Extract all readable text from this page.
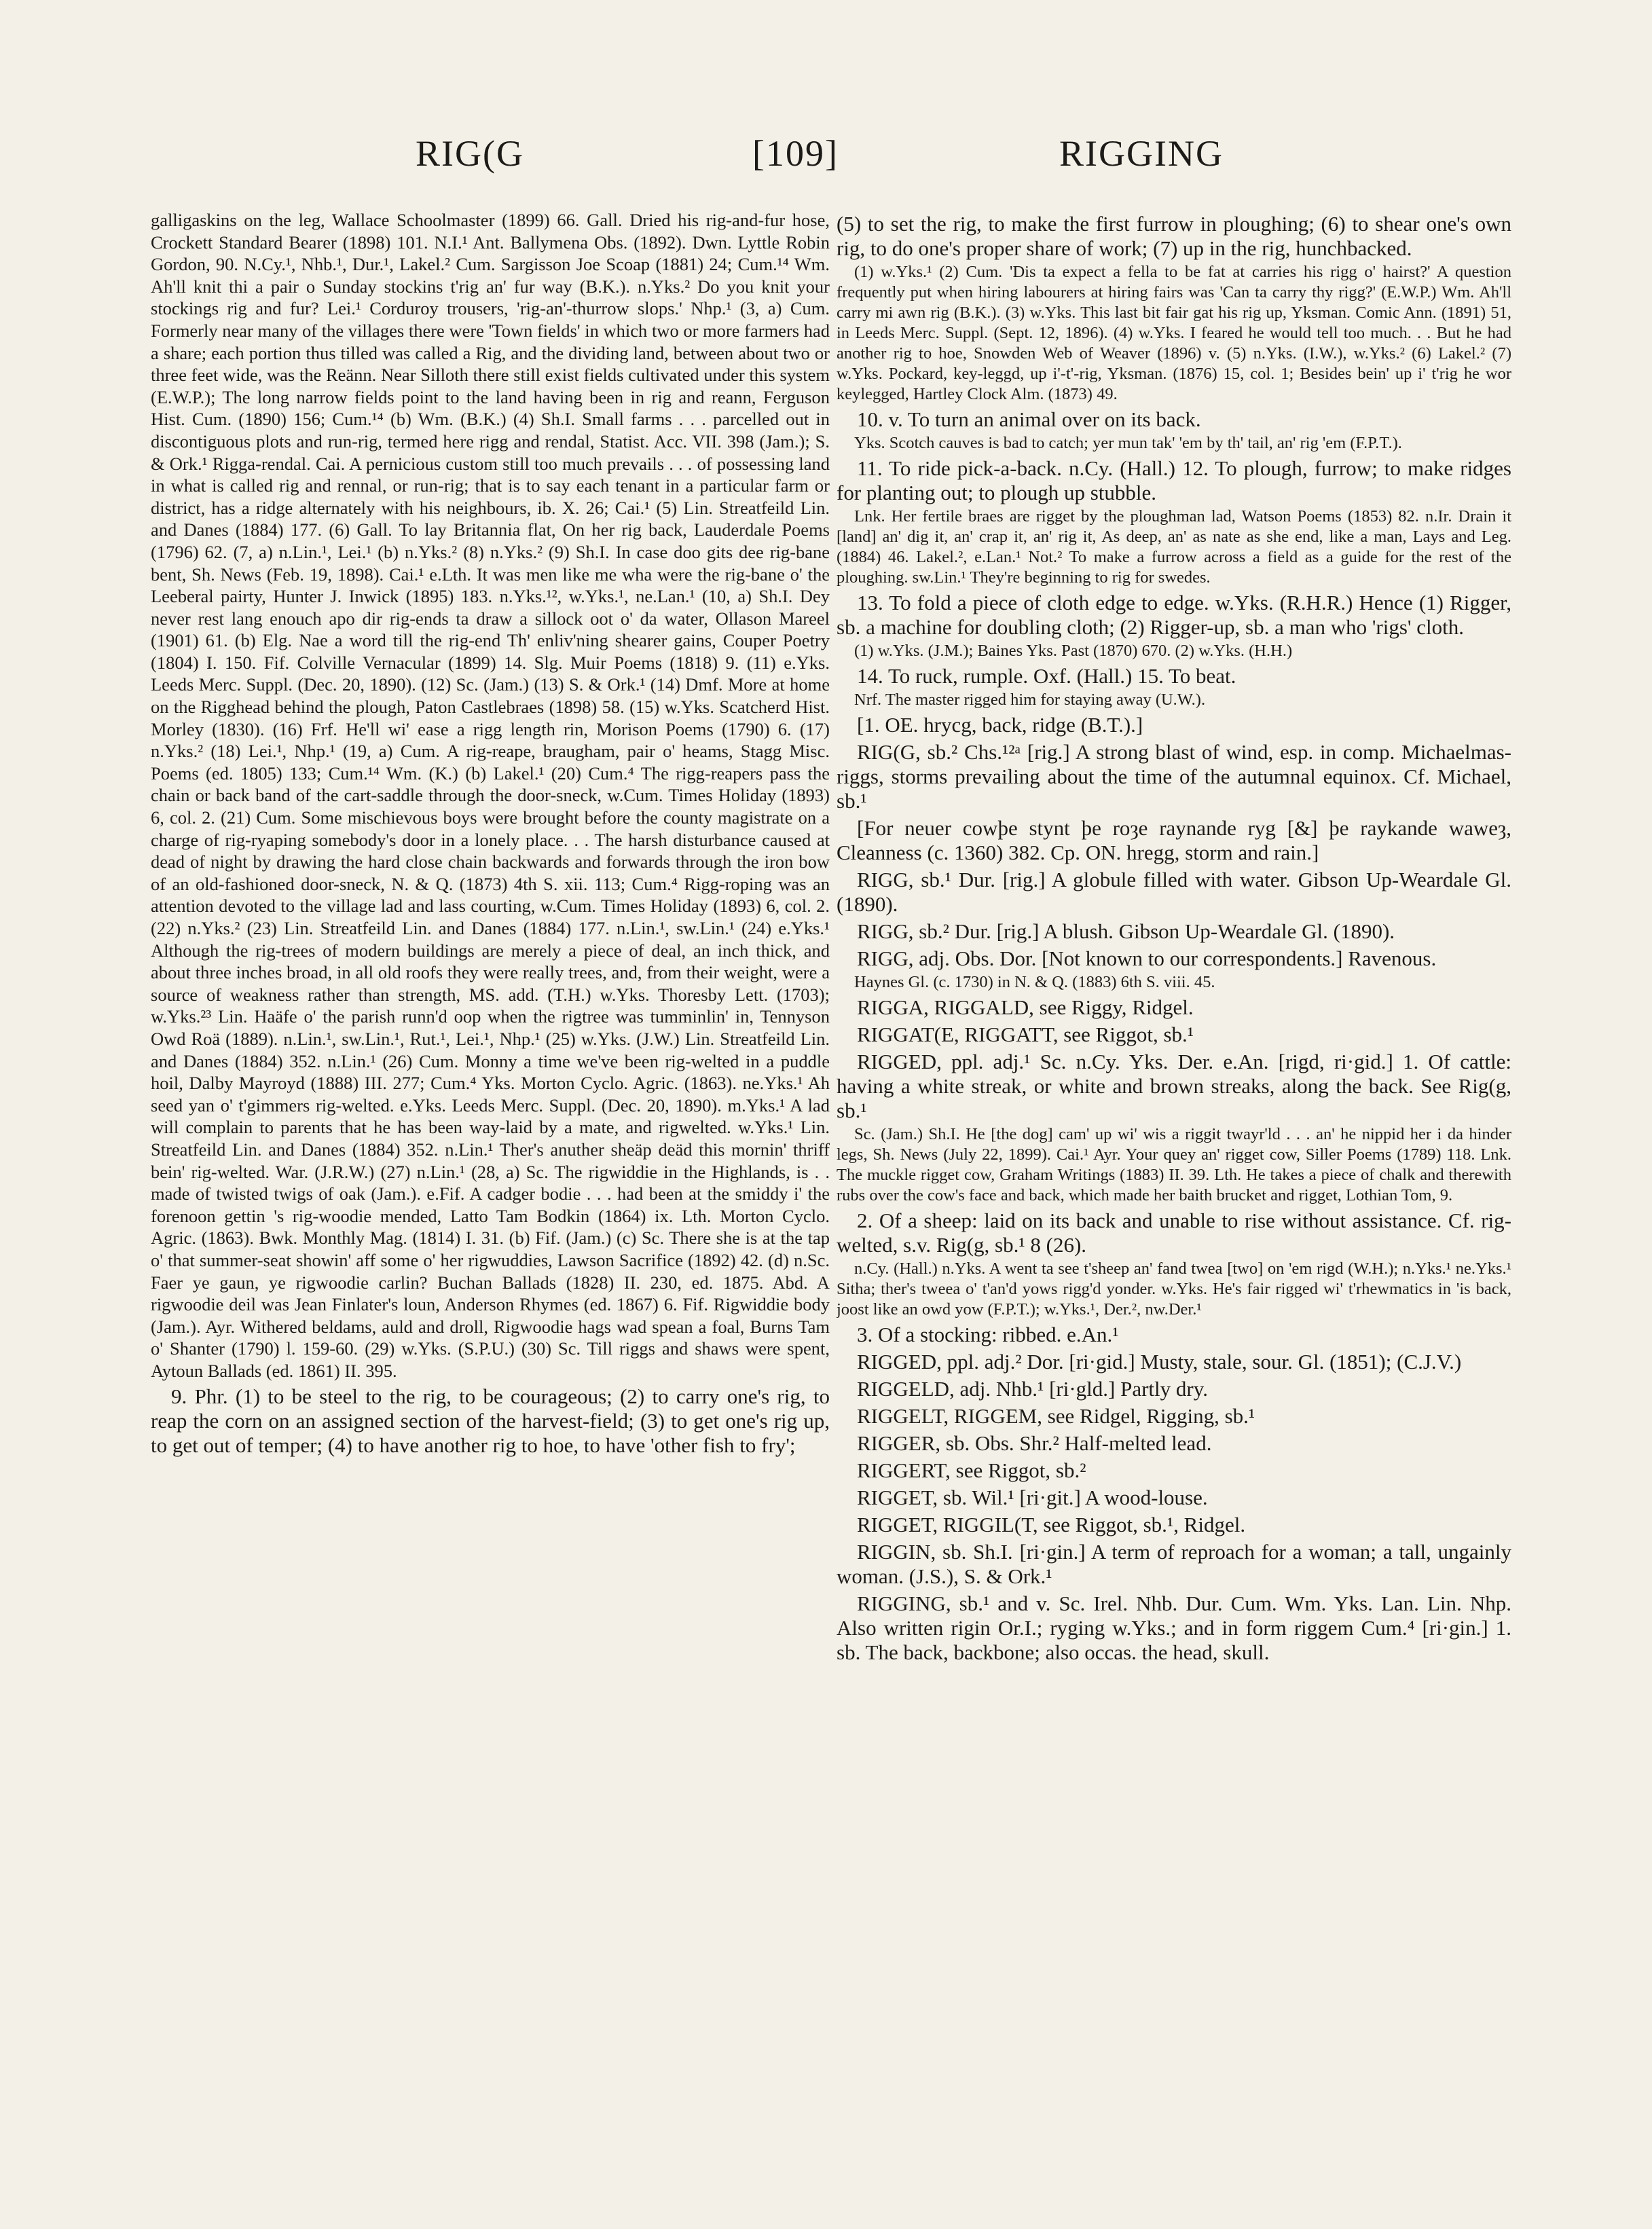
RIG(G	[109]	RIGGING

galligaskins on the leg, Wallace Schoolmaster (1899) 66. Gall. Dried his rig-and-fur hose, Crockett Standard Bearer (1898) 101. N.I.¹ Ant. Ballymena Obs. (1892). Dwn. Lyttle Robin Gordon, 90. N.Cy.¹, Nhb.¹, Dur.¹, Lakel.² Cum. Sargisson Joe Scoap (1881) 24; Cum.¹⁴ Wm. Ah'll knit thi a pair o Sunday stockins t'rig an' fur way (B.K.). n.Yks.² Do you knit your stockings rig and fur? Lei.¹ Corduroy trousers, 'rig-an'-thurrow slops.' Nhp.¹ (3, a) Cum. Formerly near many of the villages there were 'Town fields' in which two or more farmers had a share; each portion thus tilled was called a Rig, and the dividing land, between about two or three feet wide, was the Reänn. Near Silloth there still exist fields cultivated under this system (E.W.P.); The long narrow fields point to the land having been in rig and reann, Ferguson Hist. Cum. (1890) 156; Cum.¹⁴ (b) Wm. (B.K.) (4) Sh.I. Small farms . . . parcelled out in discontiguous plots and run-rig, termed here rigg and rendal, Statist. Acc. VII. 398 (Jam.); S. & Ork.¹ Rigga-rendal. Cai. A pernicious custom still too much prevails . . . of possessing land in what is called rig and rennal, or run-rig; that is to say each tenant in a particular farm or district, has a ridge alternately with his neighbours, ib. X. 26; Cai.¹ (5) Lin. Streatfeild Lin. and Danes (1884) 177. (6) Gall. To lay Britannia flat, On her rig back, Lauderdale Poems (1796) 62. (7, a) n.Lin.¹, Lei.¹ (b) n.Yks.² (8) n.Yks.² (9) Sh.I. In case doo gits dee rig-bane bent, Sh. News (Feb. 19, 1898). Cai.¹ e.Lth. It was men like me wha were the rig-bane o' the Leeberal pairty, Hunter J. Inwick (1895) 183. n.Yks.¹², w.Yks.¹, ne.Lan.¹ (10, a) Sh.I. Dey never rest lang enouch apo dir rig-ends ta draw a sillock oot o' da water, Ollason Mareel (1901) 61. (b) Elg. Nae a word till the rig-end Th' enliv'ning shearer gains, Couper Poetry (1804) I. 150. Fif. Colville Vernacular (1899) 14. Slg. Muir Poems (1818) 9. (11) e.Yks. Leeds Merc. Suppl. (Dec. 20, 1890). (12) Sc. (Jam.) (13) S. & Ork.¹ (14) Dmf. More at home on the Rigghead behind the plough, Paton Castlebraes (1898) 58. (15) w.Yks. Scatcherd Hist. Morley (1830). (16) Frf. He'll wi' ease a rigg length rin, Morison Poems (1790) 6. (17) n.Yks.² (18) Lei.¹, Nhp.¹ (19, a) Cum. A rig-reape, braugham, pair o' heams, Stagg Misc. Poems (ed. 1805) 133; Cum.¹⁴ Wm. (K.) (b) Lakel.¹ (20) Cum.⁴ The rigg-reapers pass the chain or back band of the cart-saddle through the door-sneck, w.Cum. Times Holiday (1893) 6, col. 2. (21) Cum. Some mischievous boys were brought before the county magistrate on a charge of rig-ryaping somebody's door in a lonely place. . . The harsh disturbance caused at dead of night by drawing the hard close chain backwards and forwards through the iron bow of an old-fashioned door-sneck, N. & Q. (1873) 4th S. xii. 113; Cum.⁴ Rigg-roping was an attention devoted to the village lad and lass courting, w.Cum. Times Holiday (1893) 6, col. 2. (22) n.Yks.² (23) Lin. Streatfeild Lin. and Danes (1884) 177. n.Lin.¹, sw.Lin.¹ (24) e.Yks.¹ Although the rig-trees of modern buildings are merely a piece of deal, an inch thick, and about three inches broad, in all old roofs they were really trees, and, from their weight, were a source of weakness rather than strength, MS. add. (T.H.) w.Yks. Thoresby Lett. (1703); w.Yks.²³ Lin. Haäfe o' the parish runn'd oop when the rigtree was tumminlin' in, Tennyson Owd Roä (1889). n.Lin.¹, sw.Lin.¹, Rut.¹, Lei.¹, Nhp.¹ (25) w.Yks. (J.W.) Lin. Streatfeild Lin. and Danes (1884) 352. n.Lin.¹ (26) Cum. Monny a time we've been rig-welted in a puddle hoil, Dalby Mayroyd (1888) III. 277; Cum.⁴ Yks. Morton Cyclo. Agric. (1863). ne.Yks.¹ Ah seed yan o' t'gimmers rig-welted. e.Yks. Leeds Merc. Suppl. (Dec. 20, 1890). m.Yks.¹ A lad will complain to parents that he has been way-laid by a mate, and rigwelted. w.Yks.¹ Lin. Streatfeild Lin. and Danes (1884) 352. n.Lin.¹ Ther's anuther sheäp deäd this mornin' thriff bein' rig-welted. War. (J.R.W.) (27) n.Lin.¹ (28, a) Sc. The rigwiddie in the Highlands, is . . made of twisted twigs of oak (Jam.). e.Fif. A cadger bodie . . . had been at the smiddy i' the forenoon gettin 's rig-woodie mended, Latto Tam Bodkin (1864) ix. Lth. Morton Cyclo. Agric. (1863). Bwk. Monthly Mag. (1814) I. 31. (b) Fif. (Jam.) (c) Sc. There she is at the tap o' that summer-seat showin' aff some o' her rigwuddies, Lawson Sacrifice (1892) 42. (d) n.Sc. Faer ye gaun, ye rigwoodie carlin? Buchan Ballads (1828) II. 230, ed. 1875. Abd. A rigwoodie deil was Jean Finlater's loun, Anderson Rhymes (ed. 1867) 6. Fif. Rigwiddie body (Jam.). Ayr. Withered beldams, auld and droll, Rigwoodie hags wad spean a foal, Burns Tam o' Shanter (1790) l. 159-60. (29) w.Yks. (S.P.U.) (30) Sc. Till riggs and shaws were spent, Aytoun Ballads (ed. 1861) II. 395.

9. Phr. (1) to be steel to the rig, to be courageous; (2) to carry one's rig, to reap the corn on an assigned section of the harvest-field; (3) to get one's rig up, to get out of temper; (4) to have another rig to hoe, to have 'other fish to fry';

(5) to set the rig, to make the first furrow in ploughing; (6) to shear one's own rig, to do one's proper share of work; (7) up in the rig, hunchbacked.

(1) w.Yks.¹ (2) Cum. 'Dis ta expect a fella to be fat at carries his rigg o' hairst?' A question frequently put when hiring labourers at hiring fairs was 'Can ta carry thy rigg?' (E.W.P.) Wm. Ah'll carry mi awn rig (B.K.). (3) w.Yks. This last bit fair gat his rig up, Yksman. Comic Ann. (1891) 51, in Leeds Merc. Suppl. (Sept. 12, 1896). (4) w.Yks. I feared he would tell too much. . . But he had another rig to hoe, Snowden Web of Weaver (1896) v. (5) n.Yks. (I.W.), w.Yks.² (6) Lakel.² (7) w.Yks. Pockard, key-leggd, up i'-t'-rig, Yksman. (1876) 15, col. 1; Besides bein' up i' t'rig he wor keylegged, Hartley Clock Alm. (1873) 49.

10. v. To turn an animal over on its back.

Yks. Scotch cauves is bad to catch; yer mun tak' 'em by th' tail, an' rig 'em (F.P.T.).

11. To ride pick-a-back. n.Cy. (Hall.) 12. To plough, furrow; to make ridges for planting out; to plough up stubble.

Lnk. Her fertile braes are rigget by the ploughman lad, Watson Poems (1853) 82. n.Ir. Drain it [land] an' dig it, an' crap it, an' rig it, As deep, an' as nate as she end, like a man, Lays and Leg. (1884) 46. Lakel.², e.Lan.¹ Not.² To make a furrow across a field as a guide for the rest of the ploughing. sw.Lin.¹ They're beginning to rig for swedes.

13. To fold a piece of cloth edge to edge. w.Yks. (R.H.R.) Hence (1) Rigger, sb. a machine for doubling cloth; (2) Rigger-up, sb. a man who 'rigs' cloth.

(1) w.Yks. (J.M.); Baines Yks. Past (1870) 670. (2) w.Yks. (H.H.)

14. To ruck, rumple. Oxf. (Hall.) 15. To beat.

Nrf. The master rigged him for staying away (U.W.).

[1. OE. hrycg, back, ridge (B.T.).]

RIG(G, sb.² Chs.¹²ᵃ [rig.] A strong blast of wind, esp. in comp. Michaelmas-riggs, storms prevailing about the time of the autumnal equinox. Cf. Michael, sb.¹

[For neuer cowþe stynt þe roȝe raynande ryg [&] þe raykande waweȝ, Cleanness (c. 1360) 382. Cp. ON. hregg, storm and rain.]

RIGG, sb.¹ Dur. [rig.] A globule filled with water. Gibson Up-Weardale Gl. (1890).

RIGG, sb.² Dur. [rig.] A blush. Gibson Up-Weardale Gl. (1890).

RIGG, adj. Obs. Dor. [Not known to our correspondents.] Ravenous.

Haynes Gl. (c. 1730) in N. & Q. (1883) 6th S. viii. 45.

RIGGA, RIGGALD, see Riggy, Ridgel.

RIGGAT(E, RIGGATT, see Riggot, sb.¹

RIGGED, ppl. adj.¹ Sc. n.Cy. Yks. Der. e.An. [rigd, ri·gid.] 1. Of cattle: having a white streak, or white and brown streaks, along the back. See Rig(g, sb.¹

Sc. (Jam.) Sh.I. He [the dog] cam' up wi' wis a riggit twayr'ld . . . an' he nippid her i da hinder legs, Sh. News (July 22, 1899). Cai.¹ Ayr. Your quey an' rigget cow, Siller Poems (1789) 118. Lnk. The muckle rigget cow, Graham Writings (1883) II. 39. Lth. He takes a piece of chalk and therewith rubs over the cow's face and back, which made her baith brucket and rigget, Lothian Tom, 9.

2. Of a sheep: laid on its back and unable to rise without assistance. Cf. rig-welted, s.v. Rig(g, sb.¹ 8 (26).

n.Cy. (Hall.) n.Yks. A went ta see t'sheep an' fand twea [two] on 'em rigd (W.H.); n.Yks.¹ ne.Yks.¹ Sitha; ther's tweea o' t'an'd yows rigg'd yonder. w.Yks. He's fair rigged wi' t'rhewmatics in 'is back, joost like an owd yow (F.P.T.); w.Yks.¹, Der.², nw.Der.¹

3. Of a stocking: ribbed. e.An.¹

RIGGED, ppl. adj.² Dor. [ri·gid.] Musty, stale, sour. Gl. (1851); (C.J.V.)

RIGGELD, adj. Nhb.¹ [ri·gld.] Partly dry.

RIGGELT, RIGGEM, see Ridgel, Rigging, sb.¹

RIGGER, sb. Obs. Shr.² Half-melted lead.

RIGGERT, see Riggot, sb.²

RIGGET, sb. Wil.¹ [ri·git.] A wood-louse.

RIGGET, RIGGIL(T, see Riggot, sb.¹, Ridgel.

RIGGIN, sb. Sh.I. [ri·gin.] A term of reproach for a woman; a tall, ungainly woman. (J.S.), S. & Ork.¹

RIGGING, sb.¹ and v. Sc. Irel. Nhb. Dur. Cum. Wm. Yks. Lan. Lin. Nhp. Also written rigin Or.I.; ryging w.Yks.; and in form riggem Cum.⁴ [ri·gin.] 1. sb. The back, backbone; also occas. the head, skull.
